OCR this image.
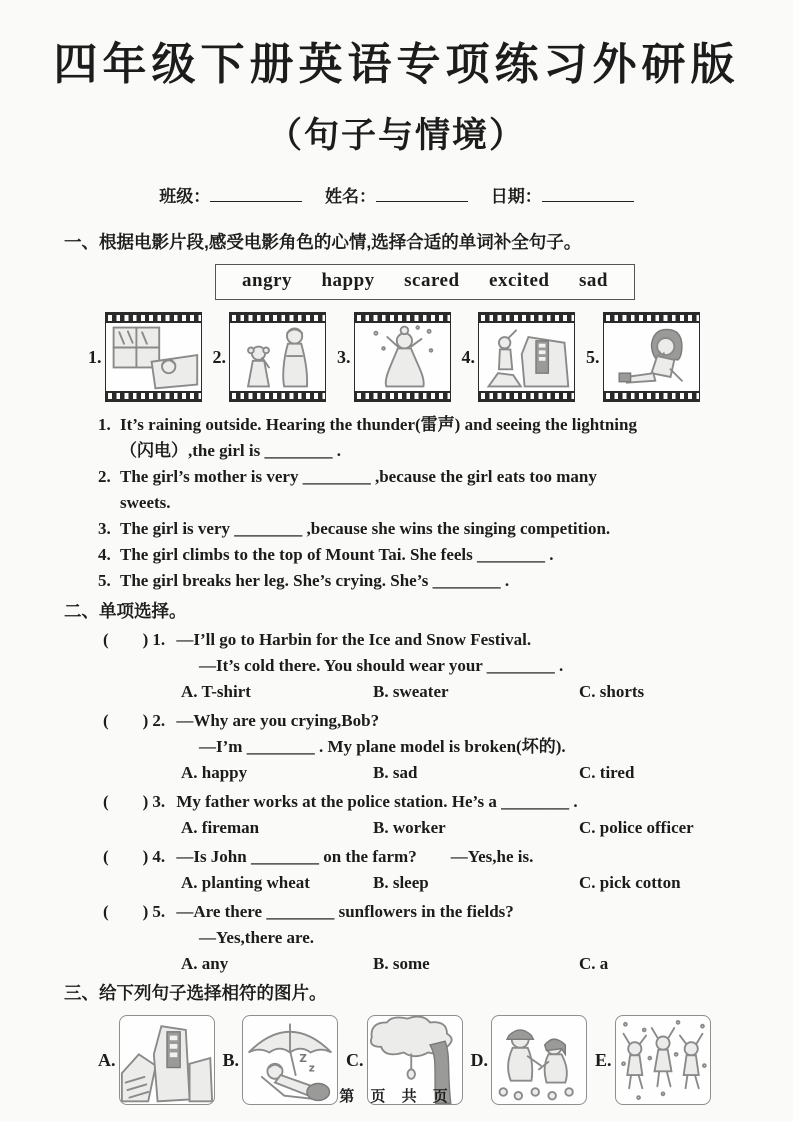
四年级下册英语专项练习外研版
（句子与情境）
班级：	姓名：	日期：
一、根据电影片段,感受电影角色的心情,选择合适的单词补全句子。
angry happy scared excited sad
1.	2.	3.	4.	5.
1. It’s raining outside. Hearing the thunder(雷声) and seeing the lightning
（闪电）,the girl is ________ .
2. The girl’s mother is very ________ ,because the girl eats too many
sweets.
3. The girl is very ________ ,because she wins the singing competition.
4. The girl climbs to the top of Mount Tai. She feels ________ .
5. The girl breaks her leg. She’s crying. She’s ________ .
二、单项选择。
(　　) 1. —I’ll go to Harbin for the Ice and Snow Festival.
—It’s cold there. You should wear your ________ .
A. T-shirt	B. sweater	C. shorts
(　　) 2. —Why are you crying,Bob?
—I’m ________ . My plane model is broken(坏的).
A. happy	B. sad	C. tired
(　　) 3. My father works at the police station. He’s a ________ .
A. fireman	B. worker	C. police officer
(　　) 4. —Is John ________ on the farm?　　—Yes,he is.
A. planting wheat	B. sleep	C. pick cotton
(　　) 5. —Are there ________ sunflowers in the fields?
—Yes,there are.
A. any	B. some	C. a
三、给下列句子选择相符的图片。
A.	B.	Z
z C.	D.	E.
第 页 共 页
